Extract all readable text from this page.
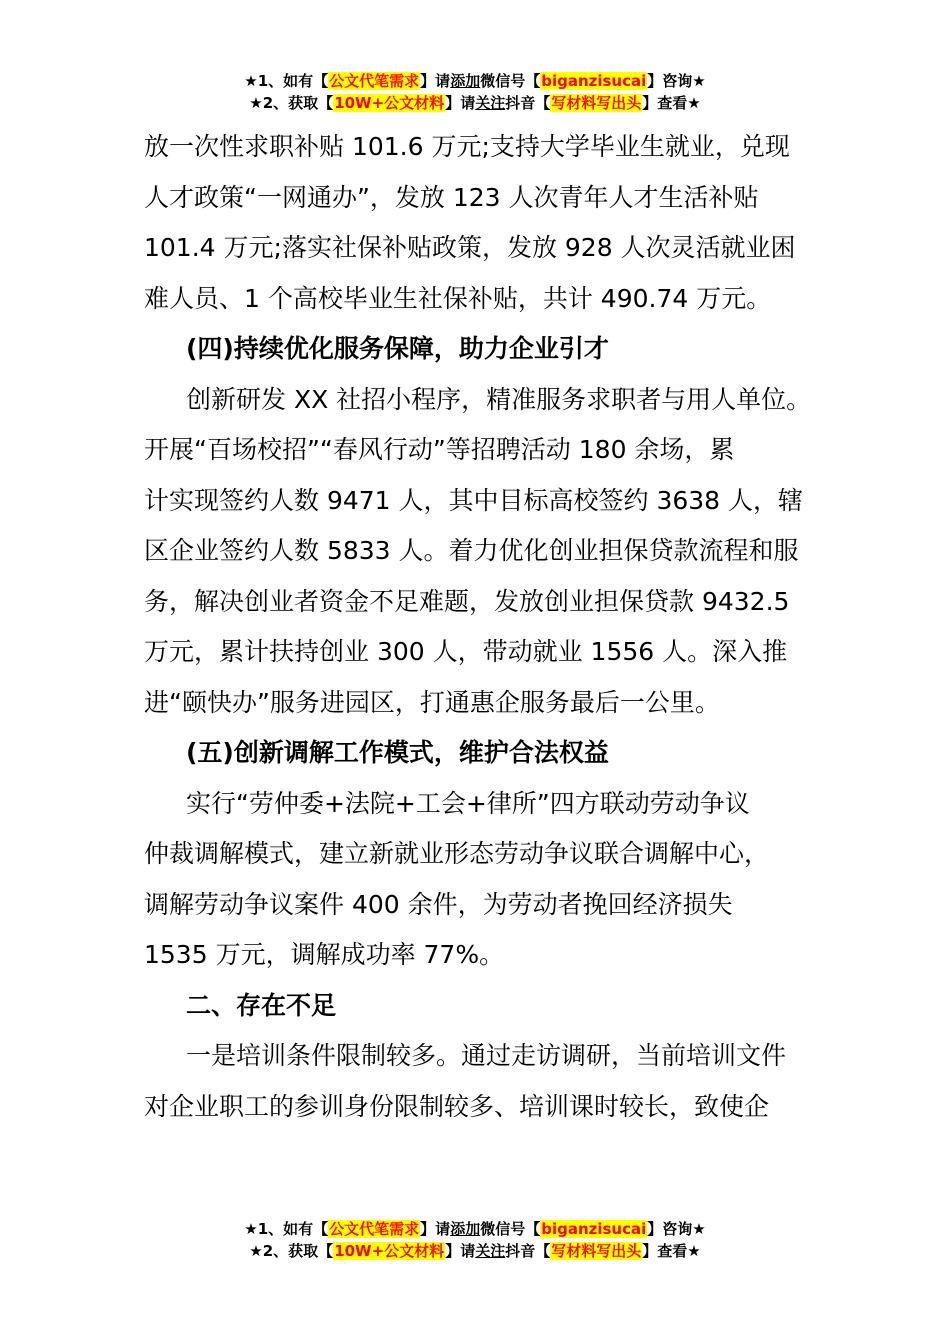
★1、如有【公文代笔需求】请添加微信号【biganzisucai】咨询★
★2、获取【10W+公文材料】请关注抖音【写材料写出头】查看★

放一次性求职补贴 101.6 万元;支持大学毕业生就业，兑现

人才政策“一网通办”，发放 123 人次青年人才生活补贴

101.4 万元;落实社保补贴政策，发放 928 人次灵活就业困

难人员、1 个高校毕业生社保补贴，共计 490.74 万元。

(四)持续优化服务保障，助力企业引才

创新研发 XX 社招小程序，精准服务求职者与用人单位。

开展“百场校招”“春风行动”等招聘活动 180 余场，累

计实现签约人数 9471 人，其中目标高校签约 3638 人，辖

区企业签约人数 5833 人。着力优化创业担保贷款流程和服

务，解决创业者资金不足难题，发放创业担保贷款 9432.5

万元，累计扶持创业 300 人，带动就业 1556 人。深入推

进“颐快办”服务进园区，打通惠企服务最后一公里。

(五)创新调解工作模式，维护合法权益

实行“劳仲委+法院+工会+律所”四方联动劳动争议

仲裁调解模式，建立新就业形态劳动争议联合调解中心，

调解劳动争议案件 400 余件，为劳动者挽回经济损失

1535 万元，调解成功率 77%。

二、存在不足

一是培训条件限制较多。通过走访调研，当前培训文件

对企业职工的参训身份限制较多、培训课时较长，致使企

★1、如有【公文代笔需求】请添加微信号【biganzisucai】咨询★
★2、获取【10W+公文材料】请关注抖音【写材料写出头】查看★
